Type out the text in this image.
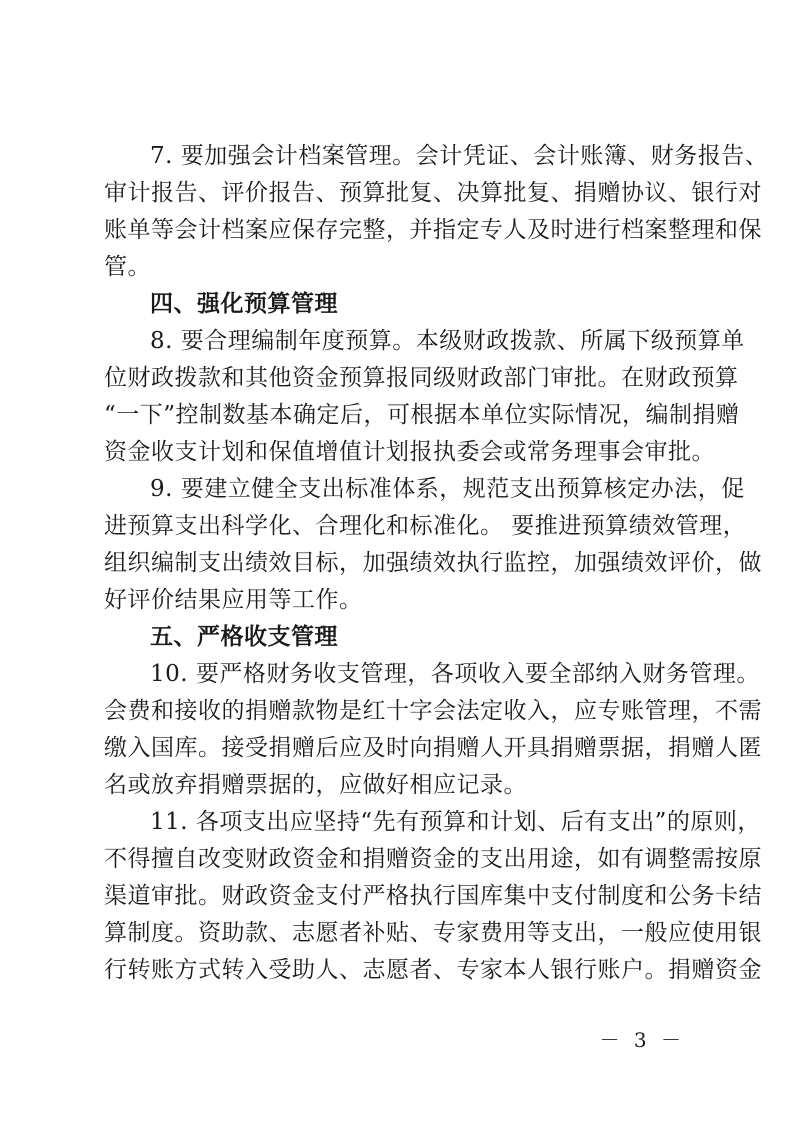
7. 要加强会计档案管理。会计凭证、会计账簿、财务报告、
审计报告、评价报告、预算批复、决算批复、捐赠协议、银行对
账单等会计档案应保存完整，并指定专人及时进行档案整理和保
管。
四、强化预算管理
8. 要合理编制年度预算。本级财政拨款、所属下级预算单
位财政拨款和其他资金预算报同级财政部门审批。在财政预算
“一下”控制数基本确定后，可根据本单位实际情况，编制捐赠
资金收支计划和保值增值计划报执委会或常务理事会审批。
9. 要建立健全支出标准体系，规范支出预算核定办法，促
进预算支出科学化、合理化和标准化。 要推进预算绩效管理，
组织编制支出绩效目标，加强绩效执行监控，加强绩效评价，做
好评价结果应用等工作。
五、严格收支管理
10. 要严格财务收支管理，各项收入要全部纳入财务管理。
会费和接收的捐赠款物是红十字会法定收入，应专账管理，不需
缴入国库。接受捐赠后应及时向捐赠人开具捐赠票据，捐赠人匿
名或放弃捐赠票据的，应做好相应记录。
11. 各项支出应坚持“先有预算和计划、后有支出”的原则，
不得擅自改变财政资金和捐赠资金的支出用途，如有调整需按原
渠道审批。财政资金支付严格执行国库集中支付制度和公务卡结
算制度。资助款、志愿者补贴、专家费用等支出，一般应使用银
行转账方式转入受助人、志愿者、专家本人银行账户。捐赠资金
－ 3 －
